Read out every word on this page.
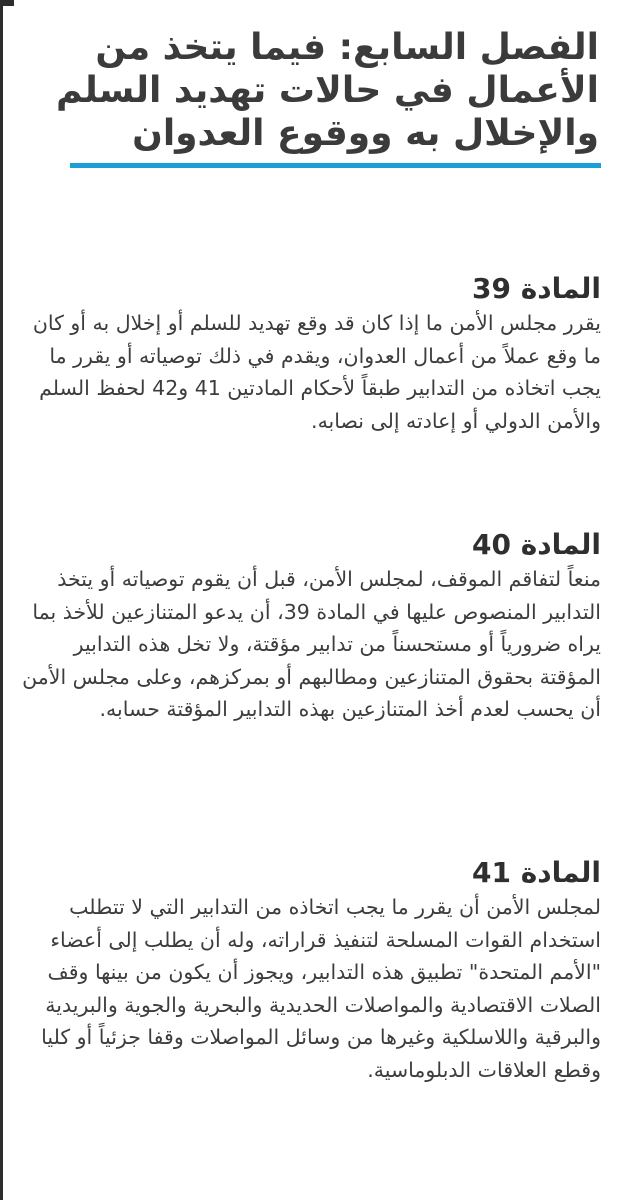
الفصل السابع: فيما يتخذ من الأعمال في حالات تهديد السلم والإخلال به ووقوع العدوان
المادة 39

يقرر مجلس الأمن ما إذا كان قد وقع تهديد للسلم أو إخلال به أو كان ما وقع عملاً من أعمال العدوان، ويقدم في ذلك توصياته أو يقرر ما يجب اتخاذه من التدابير طبقاً لأحكام المادتين 41 و42 لحفظ السلم والأمن الدولي أو إعادته إلى نصابه.

المادة 40

منعاً لتفاقم الموقف، لمجلس الأمن، قبل أن يقوم توصياته أو يتخذ التدابير المنصوص عليها في المادة 39، أن يدعو المتنازعين للأخذ بما يراه ضرورياً أو مستحسناً من تدابير مؤقتة، ولا تخل هذه التدابير المؤقتة بحقوق المتنازعين ومطالبهم أو بمركزهم، وعلى مجلس الأمن أن يحسب لعدم أخذ المتنازعين بهذه التدابير المؤقتة حسابه.

المادة 41

لمجلس الأمن أن يقرر ما يجب اتخاذه من التدابير التي لا تتطلب استخدام القوات المسلحة لتنفيذ قراراته، وله أن يطلب إلى أعضاء "الأمم المتحدة" تطبيق هذه التدابير، ويجوز أن يكون من بينها وقف الصلات الاقتصادية والمواصلات الحديدية والبحرية والجوية والبريدية والبرقية واللاسلكية وغيرها من وسائل المواصلات وقفا جزئياً أو كليا وقطع العلاقات الدبلوماسية.
